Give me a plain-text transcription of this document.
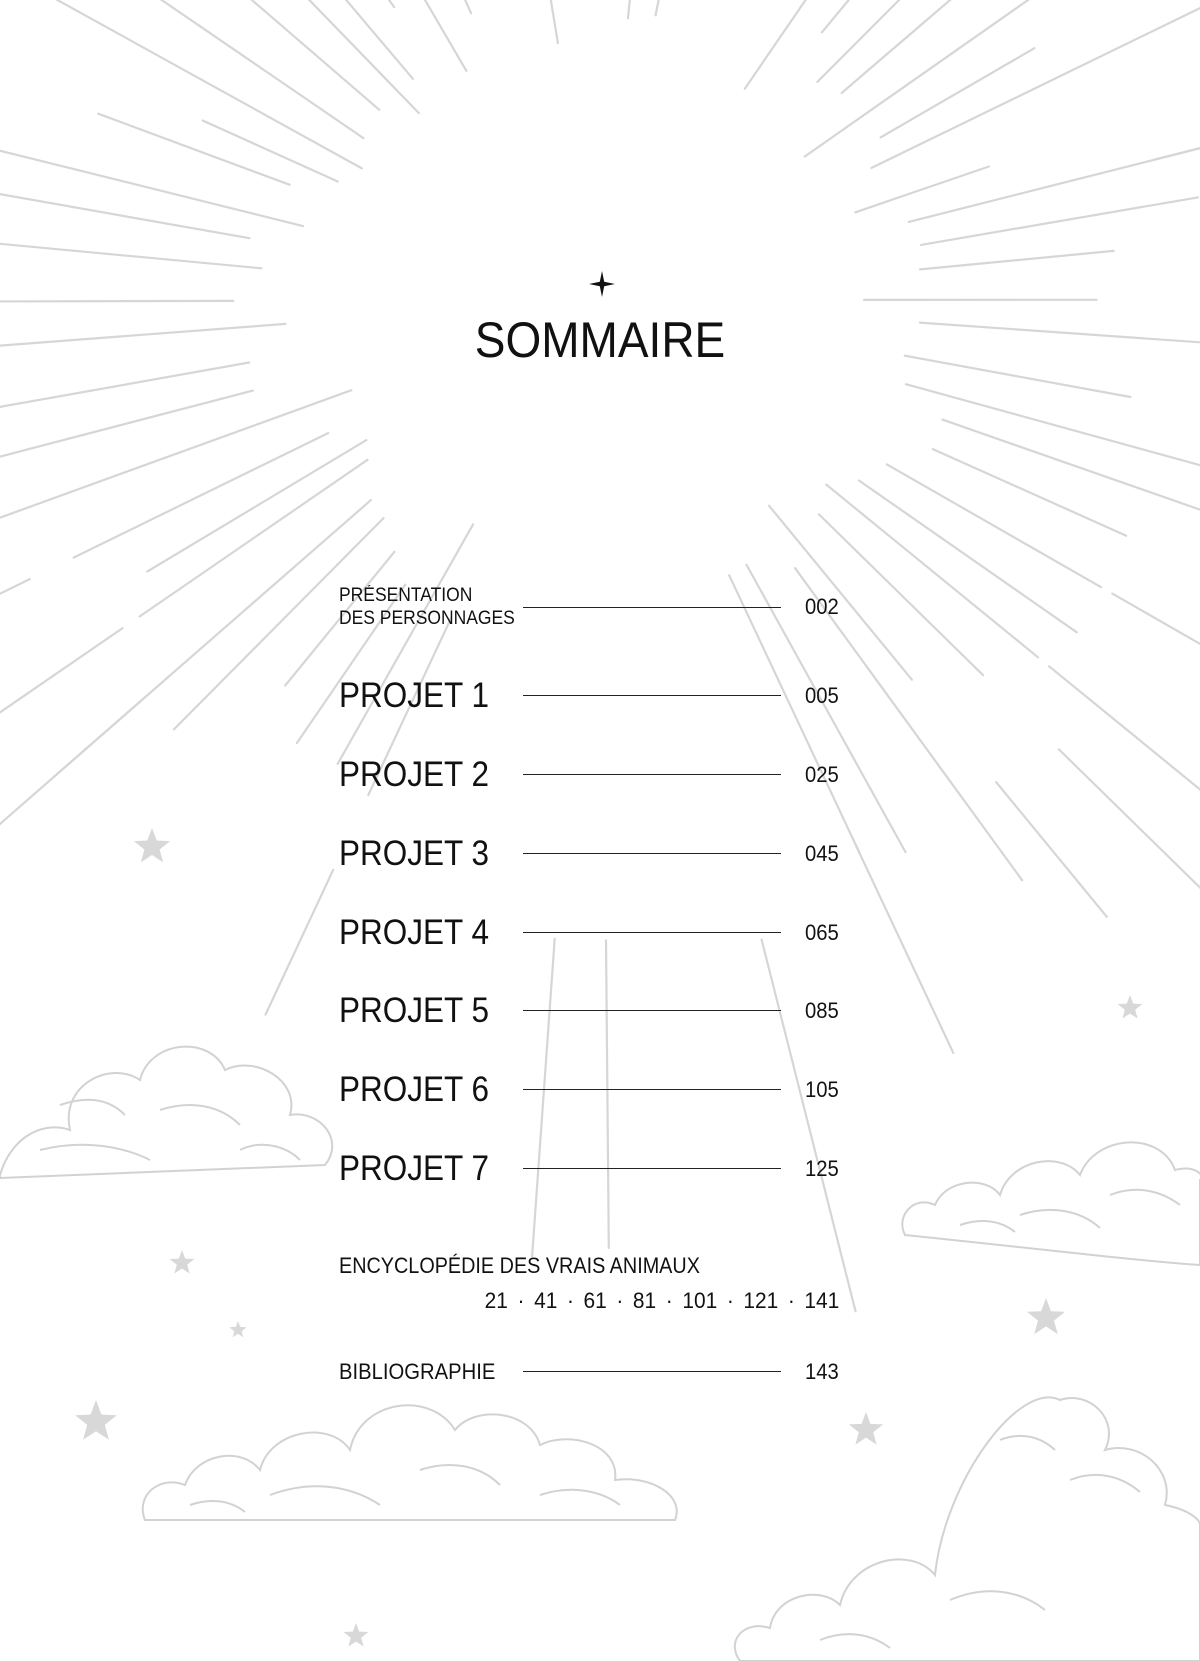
SOMMAIRE
PRÉSENTATION
DES PERSONNAGES	002
PROJET 1	005
PROJET 2	025
PROJET 3	045
PROJET 4	065
PROJET 5	085
PROJET 6	105
PROJET 7	125
ENCYCLOPÉDIE DES VRAIS ANIMAUX
21 · 41 · 61 · 81 · 101 · 121 · 141
BIBLIOGRAPHIE	143
